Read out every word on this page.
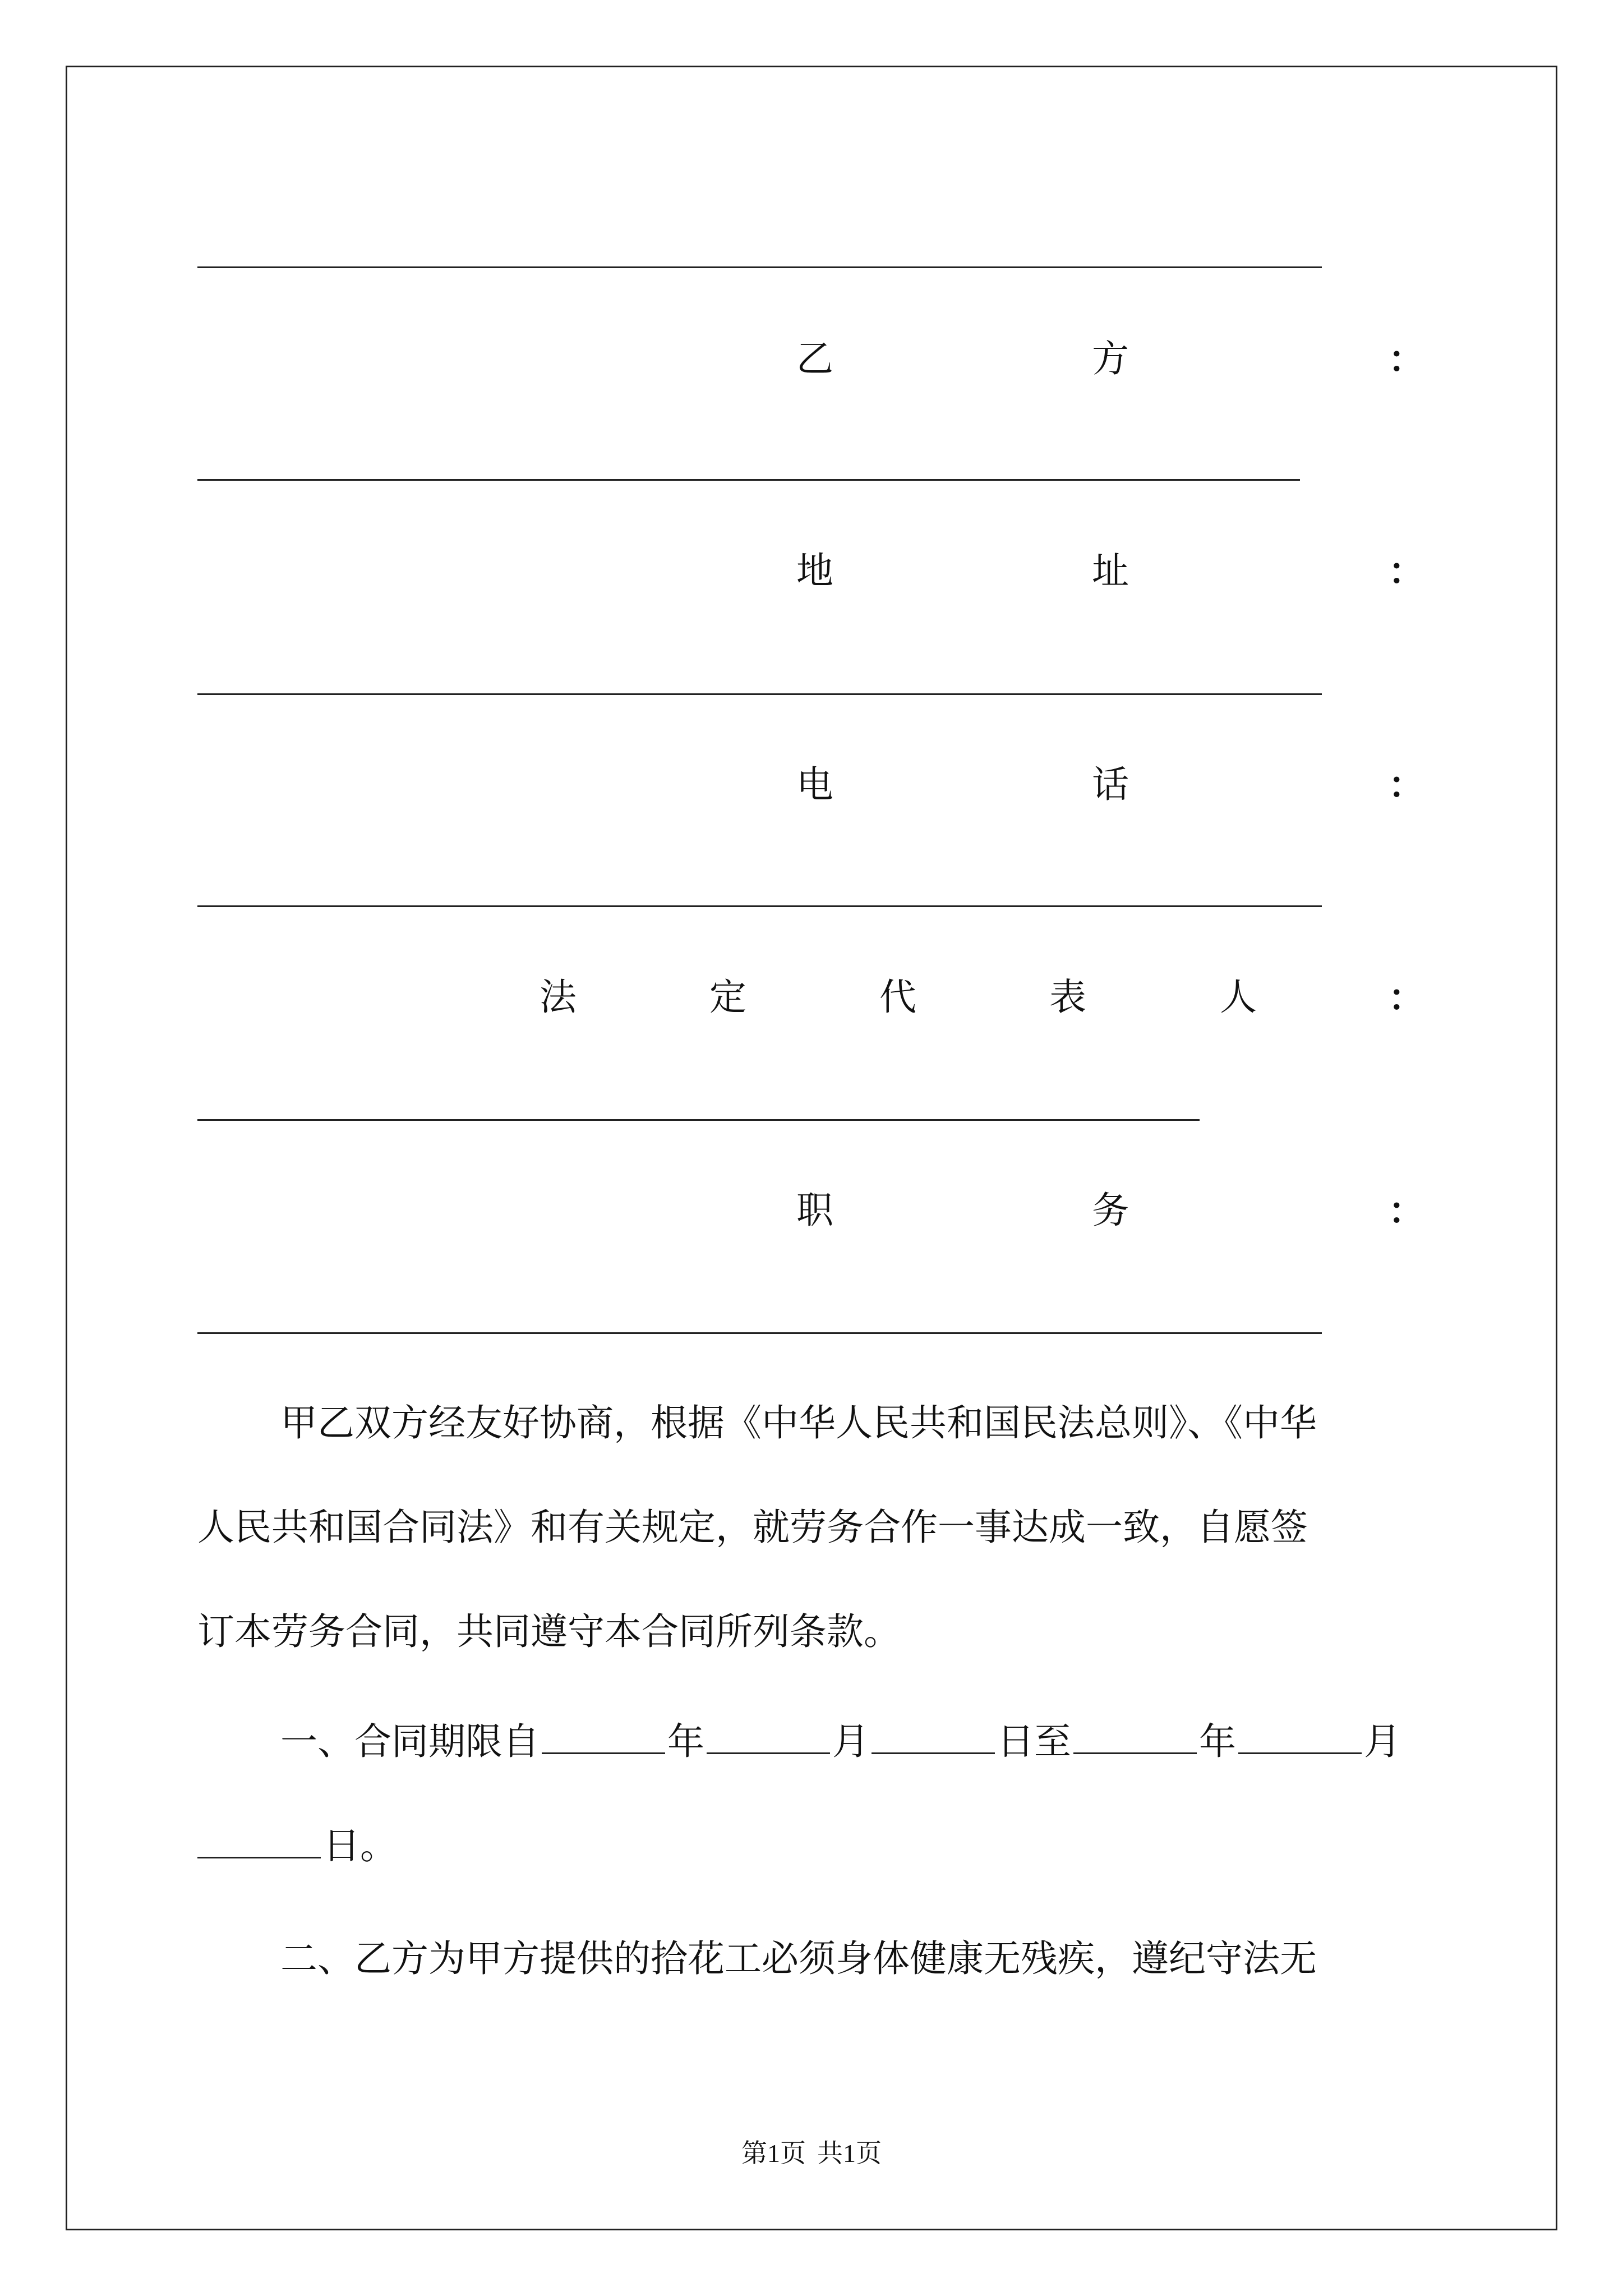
乙	方	：
地	址	：
电	话	：
法	定	代	表	人	：
职	务	：
甲乙双方经友好协商，根据《中华人民共和国民法总则》、《中华
人民共和国合同法》和有关规定，就劳务合作一事达成一致，自愿签
订本劳务合同，共同遵守本合同所列条款。
一、合同期限自	年	月	日至	年	月
日。
二、乙方为甲方提供的拾花工必须身体健康无残疾，遵纪守法无
第1页 共1页
